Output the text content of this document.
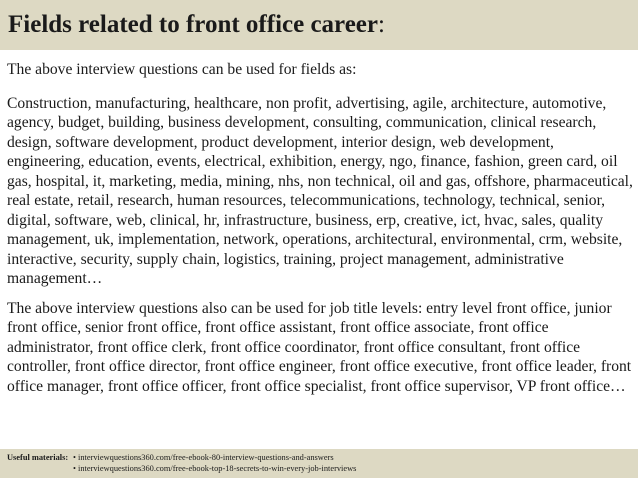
Fields related to front office career:

The above interview questions can be used for fields as:

Construction, manufacturing, healthcare, non profit, advertising, agile, architecture, automotive, agency, budget, building, business development, consulting, communication, clinical research, design, software development, product development, interior design, web development, engineering, education, events, electrical, exhibition, energy, ngo, finance, fashion, green card, oil gas, hospital, it, marketing, media, mining, nhs, non technical, oil and gas, offshore, pharmaceutical, real estate, retail, research, human resources, telecommunications, technology, technical, senior, digital, software, web, clinical, hr, infrastructure, business, erp, creative, ict, hvac, sales, quality management, uk, implementation, network, operations, architectural, environmental, crm, website, interactive, security, supply chain, logistics, training, project management, administrative management…

The above interview questions also can be used for job title levels: entry level front office, junior front office, senior front office, front office assistant, front office associate, front office administrator, front office clerk, front office coordinator, front office consultant, front office controller, front office director, front office engineer, front office executive, front office leader, front office manager, front office officer, front office specialist, front office supervisor, VP front office…

Useful materials: • interviewquestions360.com/free-ebook-80-interview-questions-and-answers
• interviewquestions360.com/free-ebook-top-18-secrets-to-win-every-job-interviews
